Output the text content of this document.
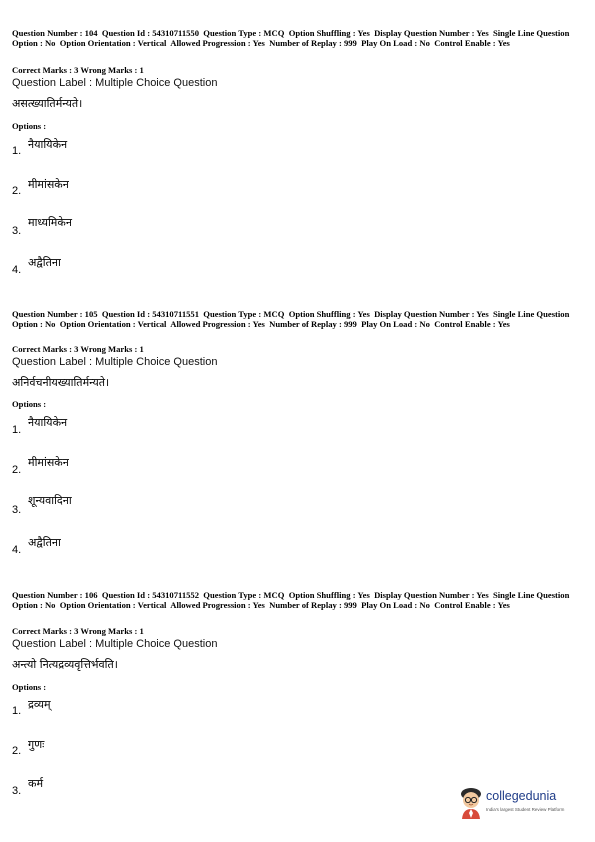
Question Number : 104  Question Id : 54310711550  Question Type : MCQ  Option Shuffling : Yes  Display Question Number : Yes  Single Line Question Option : No  Option Orientation : Vertical  Allowed Progression : Yes  Number of Replay : 999  Play On Load : No  Control Enable : Yes
Correct Marks : 3 Wrong Marks : 1
Question Label : Multiple Choice Question
असत्ख्यातिर्मन्यते।
Options :
1. नैयायिकेन
2. मीमांसकेन
3.
माध्यमिकेन
4.
अद्वैतिना
Question Number : 105  Question Id : 54310711551  Question Type : MCQ  Option Shuffling : Yes  Display Question Number : Yes  Single Line Question Option : No  Option Orientation : Vertical  Allowed Progression : Yes  Number of Replay : 999  Play On Load : No  Control Enable : Yes
Correct Marks : 3 Wrong Marks : 1
Question Label : Multiple Choice Question
अनिर्वचनीयख्यातिर्मन्यते।
Options :
1.
नैयायिकेन
2.
मीमांसकेन
3.
शून्यवादिना
4.
अद्वैतिना
Question Number : 106  Question Id : 54310711552  Question Type : MCQ  Option Shuffling : Yes  Display Question Number : Yes  Single Line Question Option : No  Option Orientation : Vertical  Allowed Progression : Yes  Number of Replay : 999  Play On Load : No  Control Enable : Yes
Correct Marks : 3 Wrong Marks : 1
Question Label : Multiple Choice Question
अन्त्यो नित्यद्रव्यवृत्तिर्भवति।
Options :
1. द्रव्यम्
2. गुणः
3.
कर्म
collegedunia
India's largest Student Review Platform
